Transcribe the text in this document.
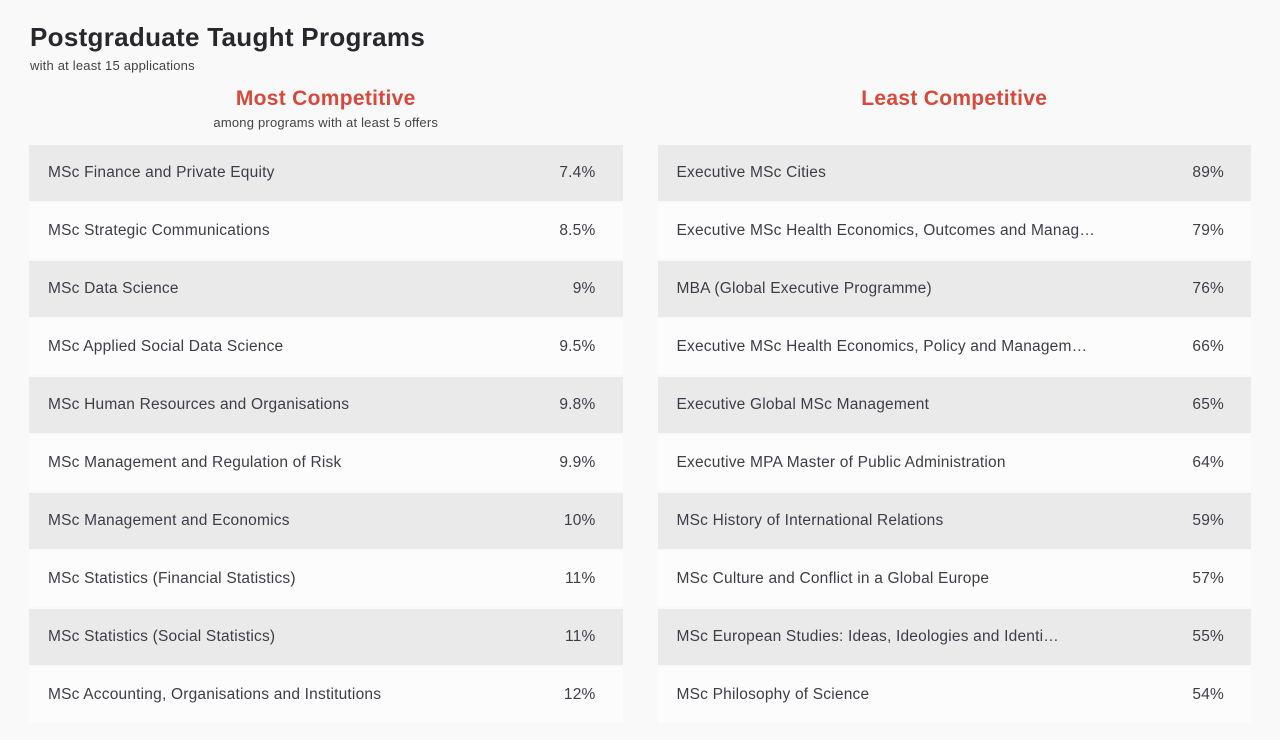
Postgraduate Taught Programs
with at least 15 applications
Most Competitive
among programs with at least 5 offers
MSc Finance and Private Equity	7.4%
MSc Strategic Communications	8.5%
MSc Data Science	9%
MSc Applied Social Data Science	9.5%
MSc Human Resources and Organisations	9.8%
MSc Management and Regulation of Risk	9.9%
MSc Management and Economics	10%
MSc Statistics (Financial Statistics)	11%
MSc Statistics (Social Statistics)	11%
MSc Accounting, Organisations and Institutions	12%
Least Competitive
Executive MSc Cities	89%
Executive MSc Health Economics, Outcomes and Manag…	79%
MBA (Global Executive Programme)	76%
Executive MSc Health Economics, Policy and Managem…	66%
Executive Global MSc Management	65%
Executive MPA Master of Public Administration	64%
MSc History of International Relations	59%
MSc Culture and Conflict in a Global Europe	57%
MSc European Studies: Ideas, Ideologies and Identi…	55%
MSc Philosophy of Science	54%
